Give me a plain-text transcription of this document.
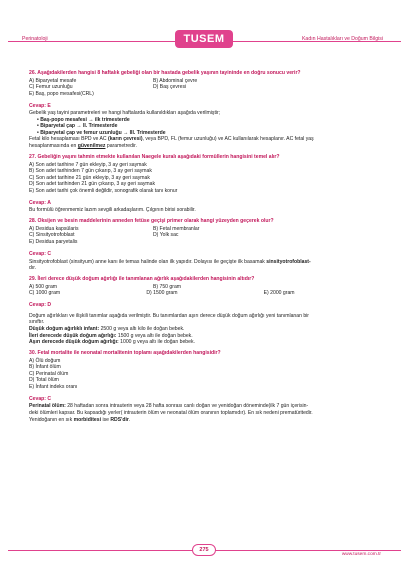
Perinatoloji	TUSEM	Kadın Hastalıkları ve Doğum Bilgisi
26. Aşağıdakilerden hangisi 8 haftalık gebeliği olan bir hastada gebelik yaşının tayininde en doğru sonucu verir?
A) Biparyetal mesafe	B) Abdominal çevre
C) Femur uzunluğu	D) Baş çevresi
E) Baş, popo mesafesi(CRL)
Cevap: E
Gebelik yaş tayini parametreleri ve hangi haftalarda kullanıldıkları aşağıda verilmiştir;
• Baş-popo mesafesi → ilk trimesterde
• Biparyetal çap → II. Trimesterde
• Biparyetal çap ve femur uzunluğu → III. Trimesterde
Fetal kilo hesaplaması BPD ve AC (karın çevresi), veya BPD, FL (femur uzunluğu) ve AC kullanılarak hesaplanır. AC fetal yaş
hesaplanmasında en güvenilmez parametredir.
27. Gebeliğin yaşını tahmin etmekte kullanılan Naegele kuralı aşağıdaki formüllerin hangisini temel alır?
A) Son adet tarihine 7 gün ekleyip, 3 ay geri saymak
B) Son adet tarihinden 7 gün çıkarıp, 3 ay geri saymak
C) Son adet tarihine 21 gün ekleyip, 3 ay geri saymak
D) Son adet tarihinden 21 gün çıkarıp, 3 ay geri saymak
E) Son adet tarihi çok önemli değildir, sonografik olarak tanı konur
Cevap: A
Bu formülü öğrenmemiz lazım sevgili arkadaşlarım. Çılgının birisi sorabilir.
28. Oksijen ve besin maddelerinin anneden fetüse geçişi primer olarak hangi yüzeyden geçerek olur?
A) Desidua kapsülaris	B) Fetal membranlar
C) Sinsityotrofoblast	D) Yolk sac
E) Desidua paryetalis
Cevap: C
Sinsityotrofoblast (sinsityum) anne kanı ile temas halinde olan ilk yapıdır. Dolayısı ile geçişte ilk basamak sinsityotrofoblast-
dır.
29. İleri derece düşük doğum ağırlığı ile tanımlanan ağırlık aşağıdakilerden hangisinin altıdır?
A) 500 gram	B) 750 gram
C) 1000 gram	D) 1500 gram	E) 2000 gram
Cevap: D
Doğum ağırlıkları ve ilişkili tanımlar aşağıda verilmiştir. Bu tanımlardan aşırı derece düşük doğum ağırlığı yeni tanımlanan bir
sınıftır.
Düşük doğum ağırlıklı infant: 2500 g veya altı kilo ile doğan bebek.
İleri derecede düşük doğum ağırlığı: 1500 g veya altı ile doğan bebek.
Aşırı derecede düşük doğum ağırlığı: 1000 g veya altı ile doğan bebek.
30. Fetal mortalite ile neonatal mortalitenin toplamı aşağıdakilerden hangisidir?
A) Ölü doğum
B) İnfant ölüm
C) Perinatal ölüm
D) Total ölüm
E) İnfant indeks oranı
Cevap: C
Perinatal ölüm: 28 haftadan sonra intrauterin veya 28 hafta sonrası canlı doğan ve yenidoğan döneminde(ilk 7 gün içerisin-
deki ölümleri kapsar. Bu kapsadığı yerler( intrauterin ölüm ve neonatal ölüm oranının toplamıdır). En sık nedeni prematüritedir.
Yenidoğanın en sık morbiditesi ise RDS'dir.
275
www.tusem.com.tr
